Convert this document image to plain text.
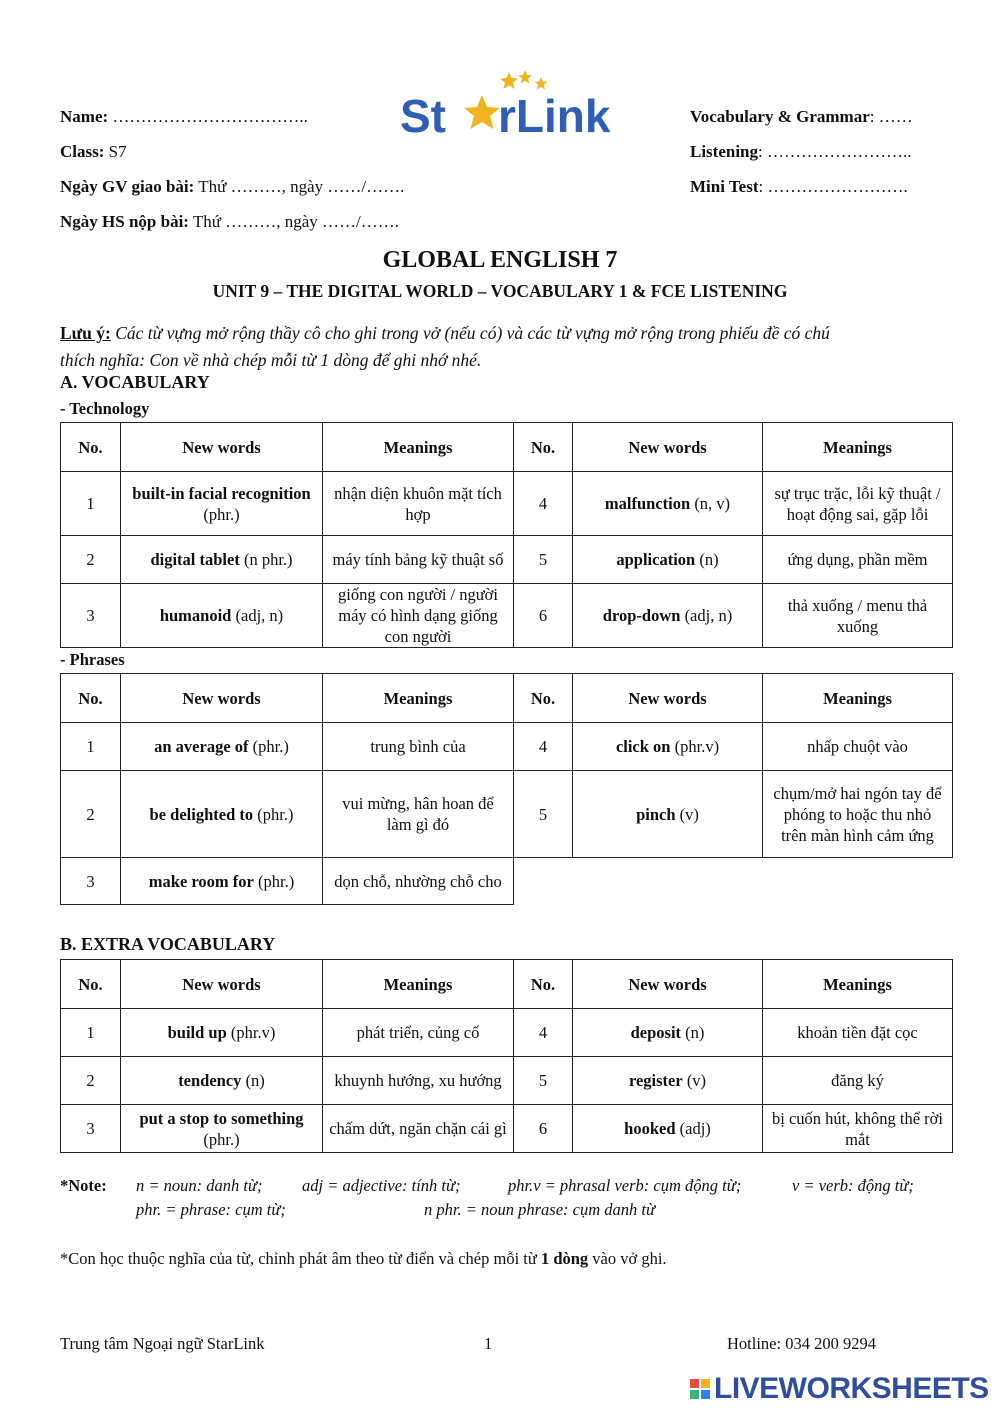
Name: ……………………………..
Class: S7
Ngày GV giao bài: Thứ ………, ngày ……/…….
Ngày HS nộp bài: Thứ ………, ngày ……/…….
St rLink	Vocabulary & Grammar: ……
Listening: ……………………..
Mini Test: …………………….
GLOBAL ENGLISH 7
UNIT 9 – THE DIGITAL WORLD – VOCABULARY 1 & FCE LISTENING
Lưu ý: Các từ vựng mở rộng thầy cô cho ghi trong vở (nếu có) và các từ vựng mở rộng trong phiếu đề có chú
thích nghĩa: Con về nhà chép mỗi từ 1 dòng để ghi nhớ nhé.
A. VOCABULARY
- Technology
No.	New words	Meanings	No.	New words	Meanings
1	built-in facial recognition (phr.)	nhận diện khuôn mặt tích hợp	4	malfunction (n, v)	sự trục trặc, lỗi kỹ thuật / hoạt động sai, gặp lỗi
2	digital tablet (n phr.)	máy tính bảng kỹ thuật số	5	application (n)	ứng dụng, phần mềm
3	humanoid (adj, n)	giống con người / người máy có hình dạng giống con người	6	drop-down (adj, n)	thả xuống / menu thả xuống
- Phrases
No.	New words	Meanings	No.	New words	Meanings
1	an average of (phr.)	trung bình của	4	click on (phr.v)	nhấp chuột vào
2	be delighted to (phr.)	vui mừng, hân hoan để làm gì đó	5	pinch (v)	chụm/mở hai ngón tay để phóng to hoặc thu nhỏ trên màn hình cảm ứng
3	make room for (phr.)	dọn chỗ, nhường chỗ cho			
B. EXTRA VOCABULARY
No.	New words	Meanings	No.	New words	Meanings
1	build up (phr.v)	phát triển, củng cố	4	deposit (n)	khoản tiền đặt cọc
2	tendency (n)	khuynh hướng, xu hướng	5	register (v)	đăng ký
3	put a stop to something (phr.)	chấm dứt, ngăn chặn cái gì	6	hooked (adj)	bị cuốn hút, không thể rời mắt
*Note: n = noun: danh từ; adj = adjective: tính từ;	phr.v = phrasal verb: cụm động từ;	v = verb: động từ;
phr. = phrase: cụm từ;	n phr. = noun phrase: cụm danh từ
*Con học thuộc nghĩa của từ, chỉnh phát âm theo từ điển và chép mỗi từ 1 dòng vào vở ghi.
Trung tâm Ngoại ngữ StarLink	1	Hotline: 034 200 9294
LIVEWORKSHEETS
